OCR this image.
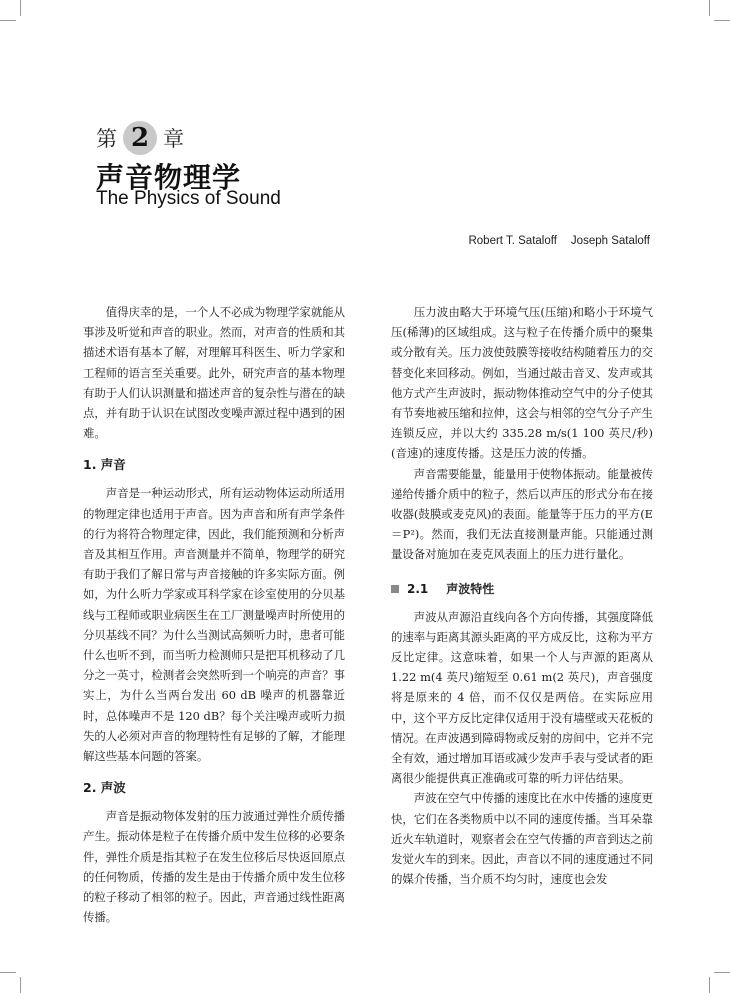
第 2 章
声音物理学
The Physics of Sound
Robert T. Sataloff Joseph Sataloff

值得庆幸的是，一个人不必成为物理学家就能从事涉及听觉和声音的职业。然而，对声音的性质和其描述术语有基本了解，对理解耳科医生、听力学家和工程师的语言至关重要。此外，研究声音的基本物理有助于人们认识测量和描述声音的复杂性与潜在的缺点，并有助于认识在试图改变噪声源过程中遇到的困难。

1. 声音

声音是一种运动形式，所有运动物体运动所适用的物理定律也适用于声音。因为声音和所有声学条件的行为将符合物理定律，因此，我们能预测和分析声音及其相互作用。声音测量并不简单，物理学的研究有助于我们了解日常与声音接触的许多实际方面。例如，为什么听力学家或耳科学家在诊室使用的分贝基线与工程师或职业病医生在工厂测量噪声时所使用的分贝基线不同？为什么当测试高频听力时，患者可能什么也听不到，而当听力检测师只是把耳机移动了几分之一英寸，检测者会突然听到一个响亮的声音？事实上，为什么当两台发出 60 dB 噪声的机器靠近时，总体噪声不是 120 dB？每个关注噪声或听力损失的人必须对声音的物理特性有足够的了解，才能理解这些基本问题的答案。

2. 声波

声音是振动物体发射的压力波通过弹性介质传播产生。振动体是粒子在传播介质中发生位移的必要条件，弹性介质是指其粒子在发生位移后尽快返回原点的任何物质，传播的发生是由于传播介质中发生位移的粒子移动了相邻的粒子。因此，声音通过线性距离传播。

压力波由略大于环境气压(压缩)和略小于环境气压(稀薄)的区域组成。这与粒子在传播介质中的聚集或分散有关。压力波使鼓膜等接收结构随着压力的交替变化来回移动。例如，当通过敲击音叉、发声或其他方式产生声波时，振动物体推动空气中的分子使其有节奏地被压缩和拉伸，这会与相邻的空气分子产生连锁反应，并以大约 335.28 m/s(1 100 英尺/秒)(音速)的速度传播。这是压力波的传播。

声音需要能量，能量用于使物体振动。能量被传递给传播介质中的粒子，然后以声压的形式分布在接收器(鼓膜或麦克风)的表面。能量等于压力的平方(E＝P²)。然而，我们无法直接测量声能。只能通过测量设备对施加在麦克风表面上的压力进行量化。

2.1 声波特性

声波从声源沿直线向各个方向传播，其强度降低的速率与距离其源头距离的平方成反比，这称为平方反比定律。这意味着，如果一个人与声源的距离从 1.22 m(4 英尺)缩短至 0.61 m(2 英尺)，声音强度将是原来的 4 倍，而不仅仅是两倍。在实际应用中，这个平方反比定律仅适用于没有墙壁或天花板的情况。在声波遇到障碍物或反射的房间中，它并不完全有效，通过增加耳语或减少发声手表与受试者的距离很少能提供真正准确或可靠的听力评估结果。

声波在空气中传播的速度比在水中传播的速度更快，它们在各类物质中以不同的速度传播。当耳朵靠近火车轨道时，观察者会在空气传播的声音到达之前发觉火车的到来。因此，声音以不同的速度通过不同的媒介传播，当介质不均匀时，速度也会发
